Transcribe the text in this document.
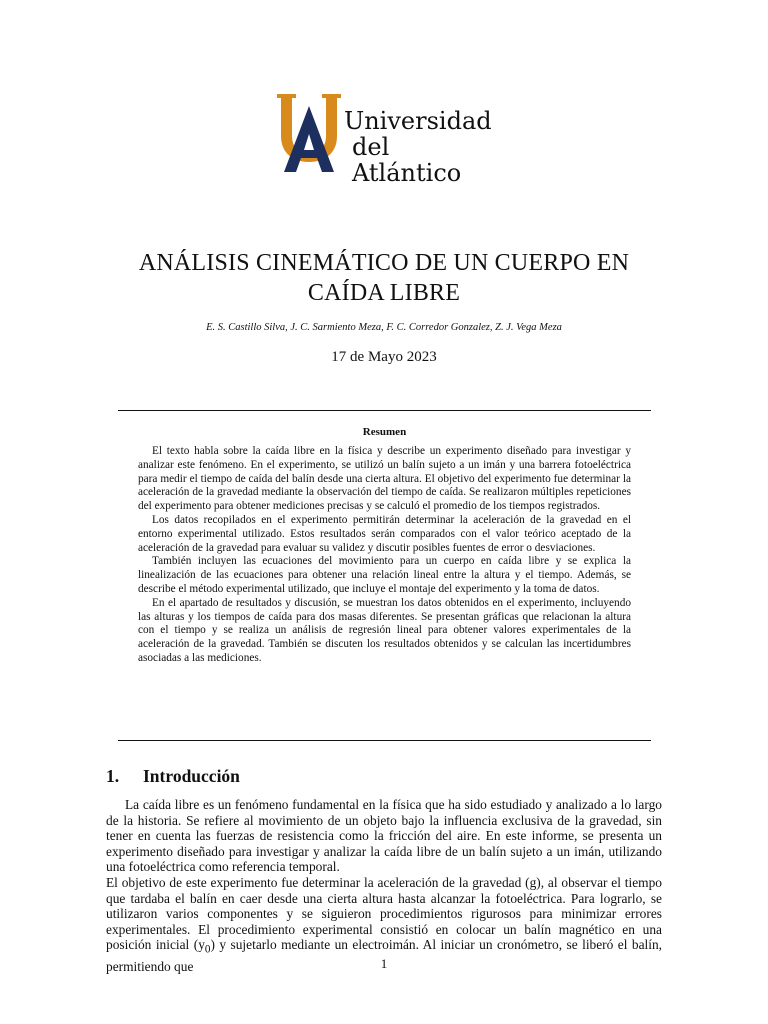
Universidad
del Atlántico
ANÁLISIS CINEMÁTICO DE UN CUERPO EN CAÍDA LIBRE
E. S. Castillo Silva, J. C. Sarmiento Meza, F. C. Corredor Gonzalez, Z. J. Vega Meza
17 de Mayo 2023
Resumen

El texto habla sobre la caída libre en la física y describe un experimento diseñado para investigar y analizar este fenómeno. En el experimento, se utilizó un balín sujeto a un imán y una barrera fotoeléctrica para medir el tiempo de caída del balín desde una cierta altura. El objetivo del experimento fue determinar la aceleración de la gravedad mediante la observación del tiempo de caída. Se realizaron múltiples repeticiones del experimento para obtener mediciones precisas y se calculó el promedio de los tiempos registrados.

Los datos recopilados en el experimento permitirán determinar la aceleración de la gravedad en el entorno experimental utilizado. Estos resultados serán comparados con el valor teórico aceptado de la aceleración de la gravedad para evaluar su validez y discutir posibles fuentes de error o desviaciones.

También incluyen las ecuaciones del movimiento para un cuerpo en caída libre y se explica la linealización de las ecuaciones para obtener una relación lineal entre la altura y el tiempo. Además, se describe el método experimental utilizado, que incluye el montaje del experimento y la toma de datos.

En el apartado de resultados y discusión, se muestran los datos obtenidos en el experimento, incluyendo las alturas y los tiempos de caída para dos masas diferentes. Se presentan gráficas que relacionan la altura con el tiempo y se realiza un análisis de regresión lineal para obtener valores experimentales de la aceleración de la gravedad. También se discuten los resultados obtenidos y se calculan las incertidumbres asociadas a las mediciones.

1. Introducción

La caída libre es un fenómeno fundamental en la física que ha sido estudiado y analizado a lo largo de la historia. Se refiere al movimiento de un objeto bajo la influencia exclusiva de la gravedad, sin tener en cuenta las fuerzas de resistencia como la fricción del aire. En este informe, se presenta un experimento diseñado para investigar y analizar la caída libre de un balín sujeto a un imán, utilizando una fotoeléctrica como referencia temporal.

El objetivo de este experimento fue determinar la aceleración de la gravedad (g), al observar el tiempo que tardaba el balín en caer desde una cierta altura hasta alcanzar la fotoeléctrica. Para lograrlo, se utilizaron varios componentes y se siguieron procedimientos rigurosos para minimizar errores experimentales. El procedimiento experimental consistió en colocar un balín magnético en una posición inicial $(y_0)$ y sujetarlo mediante un electroimán. Al iniciar un cronómetro, se liberó el balín, permitiendo que	1
